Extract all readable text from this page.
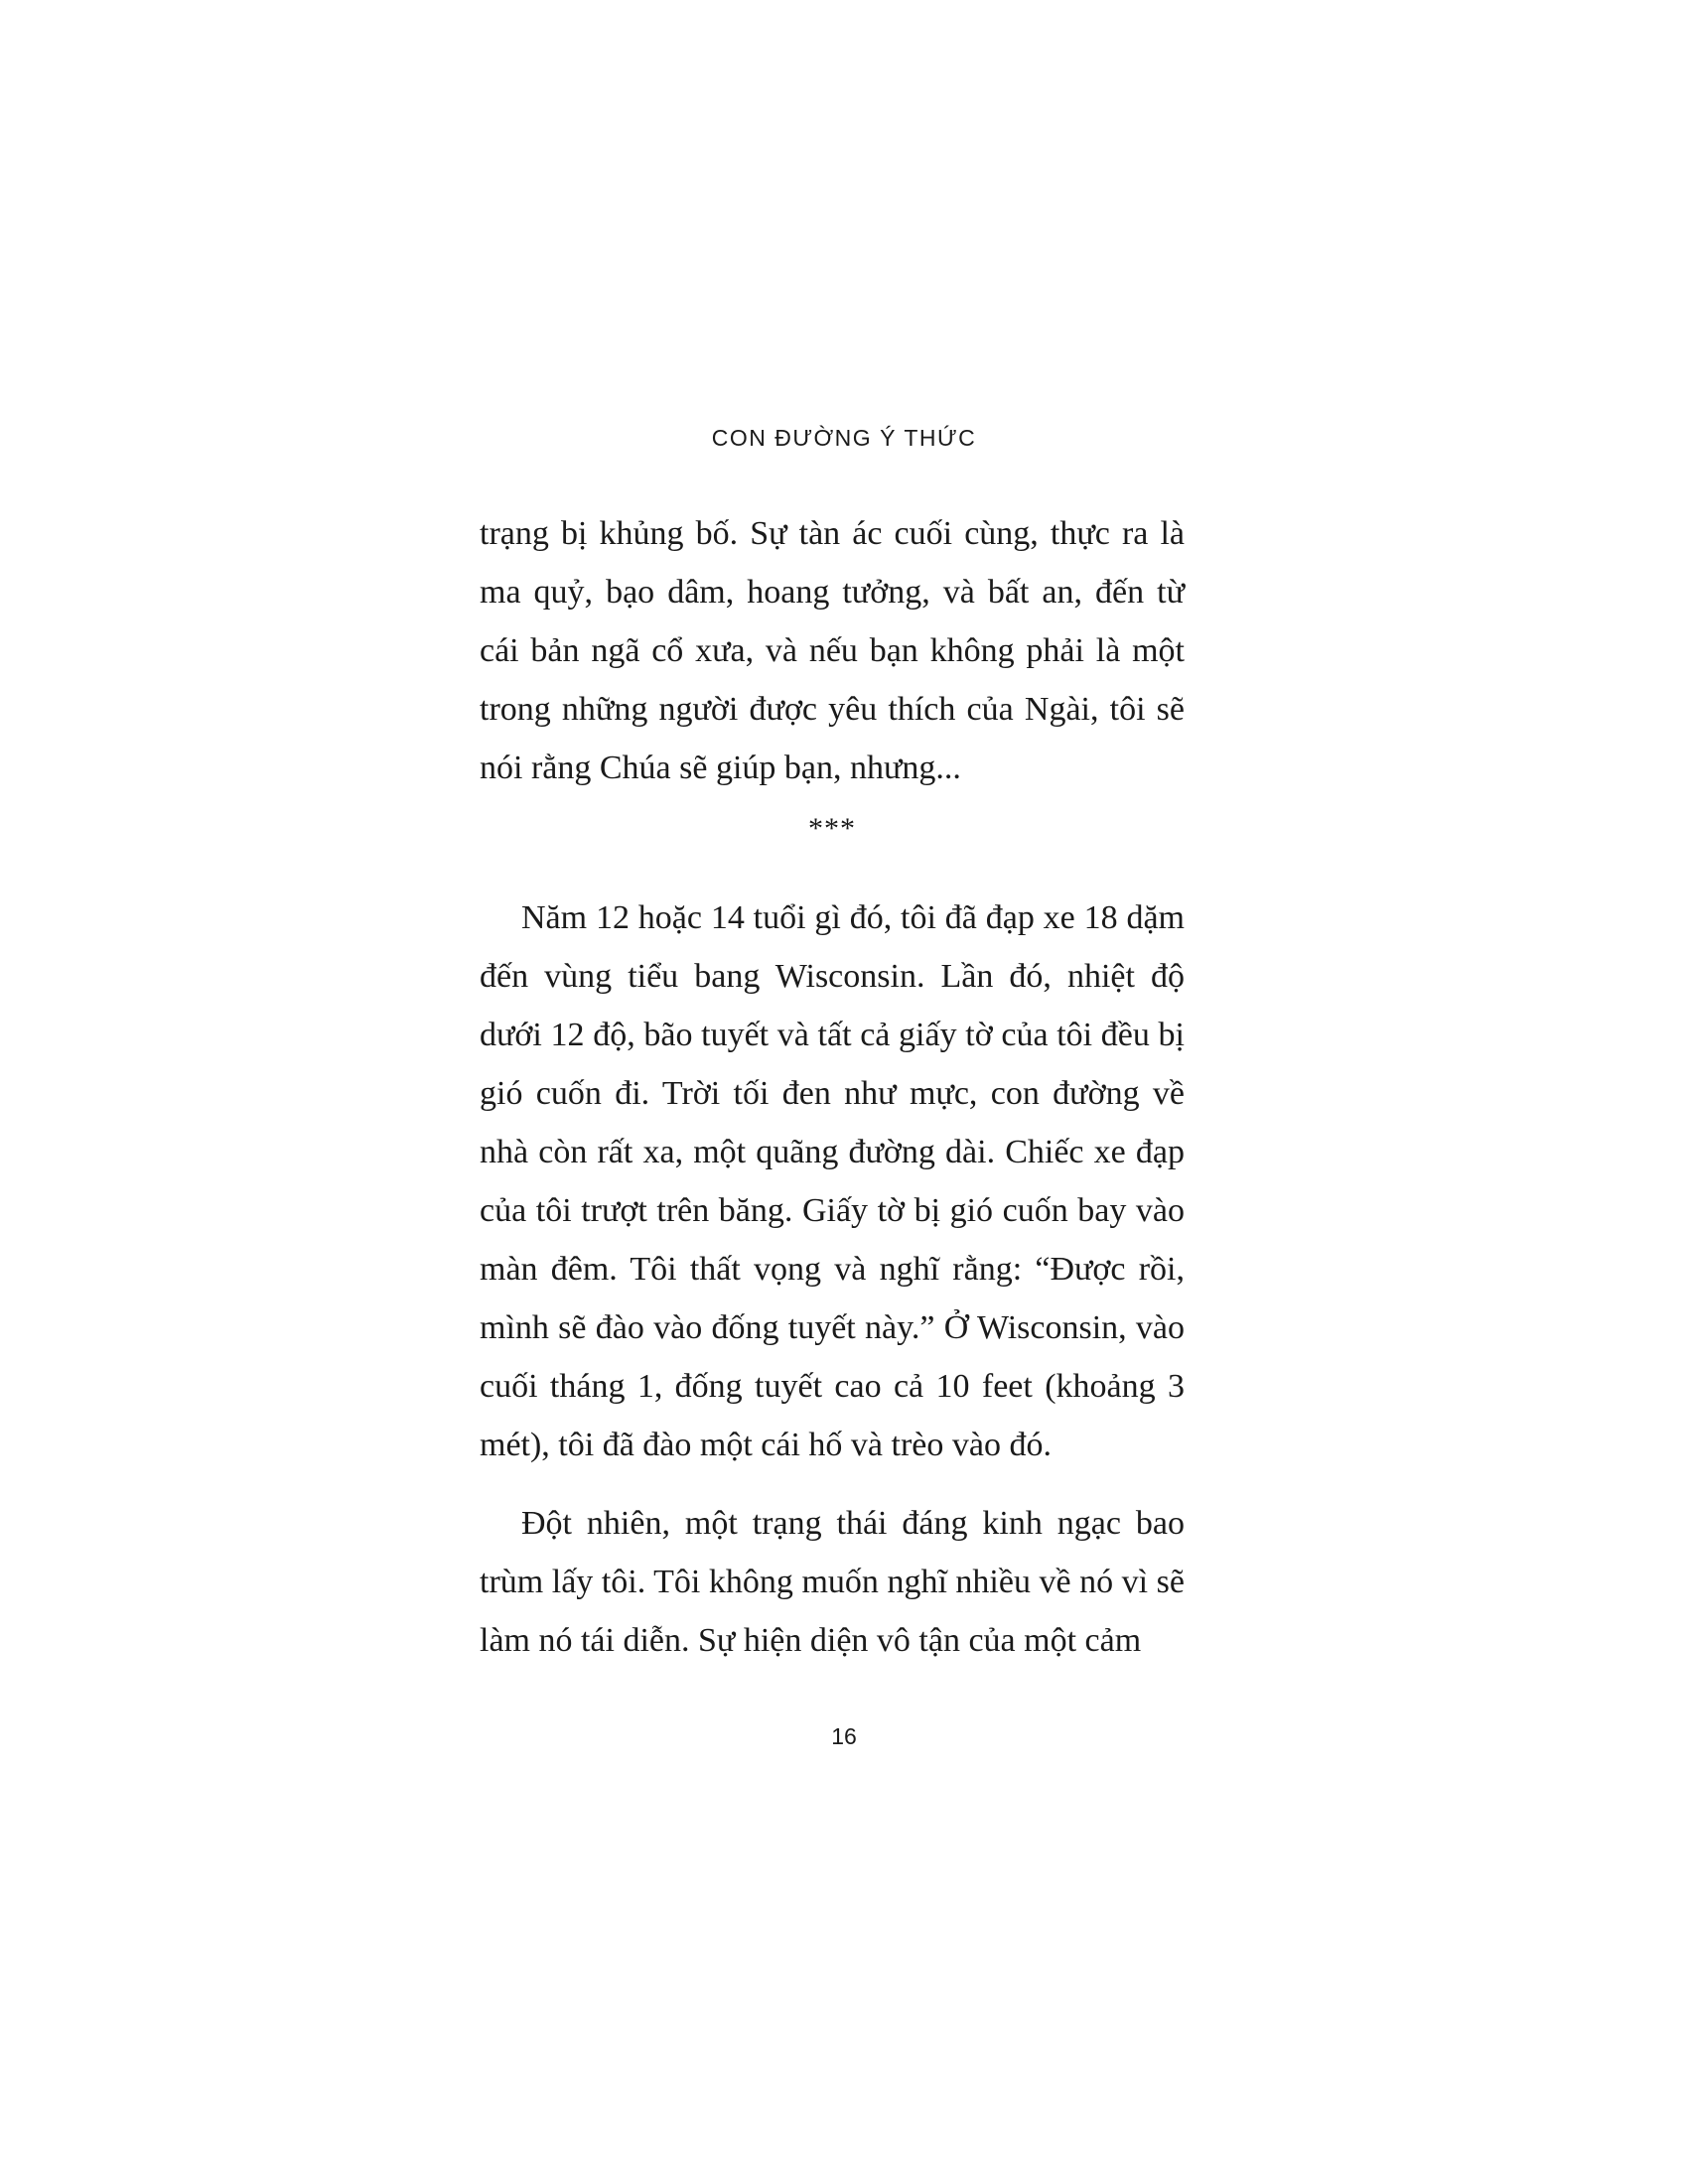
CON ĐƯỜNG Ý THỨC

trạng bị khủng bố. Sự tàn ác cuối cùng, thực ra là ma quỷ, bạo dâm, hoang tưởng, và bất an, đến từ cái bản ngã cổ xưa, và nếu bạn không phải là một trong những người được yêu thích của Ngài, tôi sẽ nói rằng Chúa sẽ giúp bạn, nhưng...

***

Năm 12 hoặc 14 tuổi gì đó, tôi đã đạp xe 18 dặm đến vùng tiểu bang Wisconsin. Lần đó, nhiệt độ dưới 12 độ, bão tuyết và tất cả giấy tờ của tôi đều bị gió cuốn đi. Trời tối đen như mực, con đường về nhà còn rất xa, một quãng đường dài. Chiếc xe đạp của tôi trượt trên băng. Giấy tờ bị gió cuốn bay vào màn đêm. Tôi thất vọng và nghĩ rằng: “Được rồi, mình sẽ đào vào đống tuyết này.” Ở Wisconsin, vào cuối tháng 1, đống tuyết cao cả 10 feet (khoảng 3 mét), tôi đã đào một cái hố và trèo vào đó.

Đột nhiên, một trạng thái đáng kinh ngạc bao trùm lấy tôi. Tôi không muốn nghĩ nhiều về nó vì sẽ làm nó tái diễn. Sự hiện diện vô tận của một cảm

16
